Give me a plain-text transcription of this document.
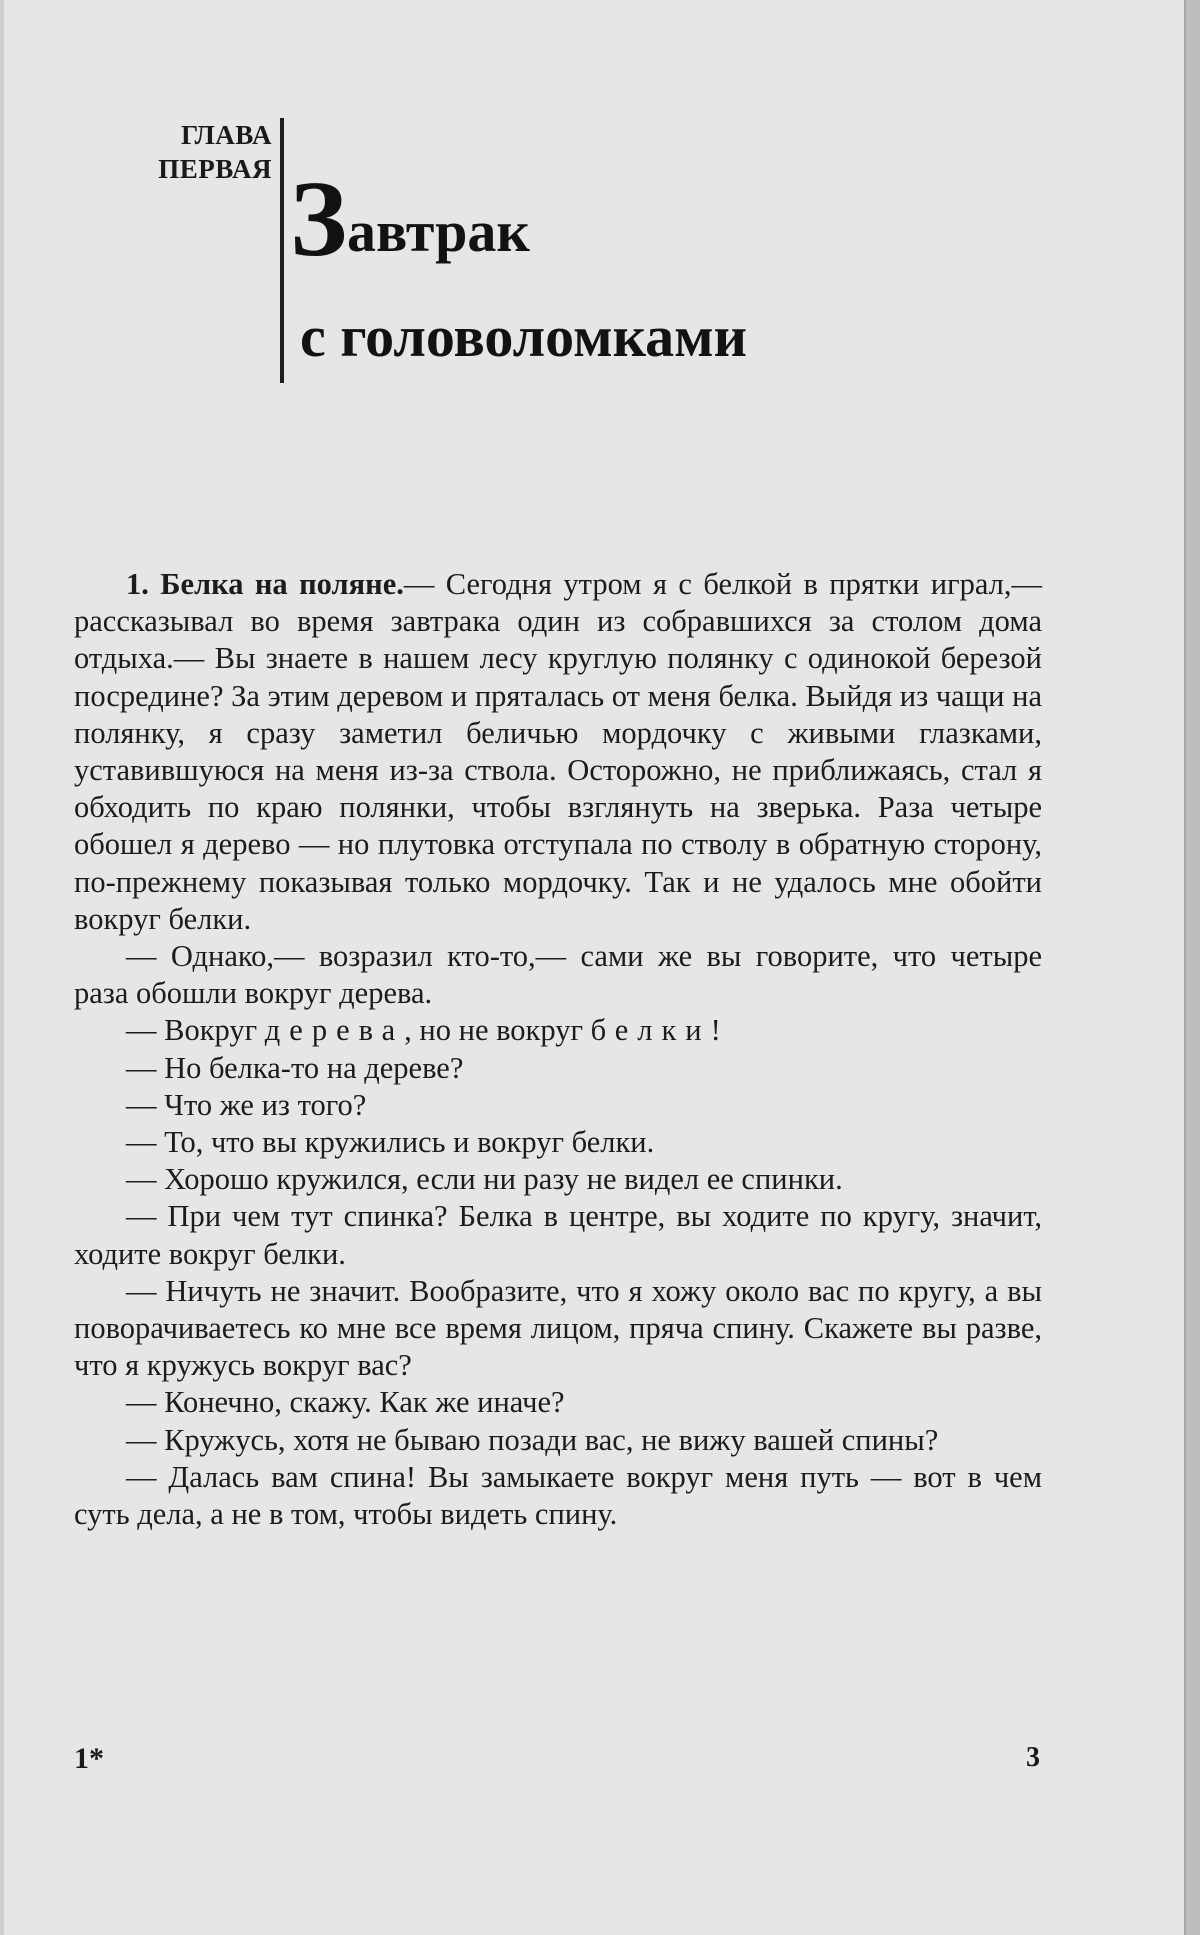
ГЛАВА
ПЕРВАЯ Завтрак
с головоломками

1. Белка на поляне.— Сегодня утром я с белкой в прятки играл,— рассказывал во время завтрака один из собравшихся за столом дома отдыха.— Вы знаете в нашем лесу круглую полянку с одинокой березой посредине? За этим деревом и пряталась от меня белка. Выйдя из чащи на полянку, я сразу заметил беличью мордочку с живыми глазками, уставившуюся на меня из-за ствола. Осторожно, не приближаясь, стал я обходить по краю полянки, чтобы взглянуть на зверька. Раза четыре обошел я дерево — но плутовка отступала по стволу в обратную сторону, по-прежнему показывая только мордочку. Так и не удалось мне обойти вокруг белки.

— Однако,— возразил кто-то,— сами же вы говорите, что четыре раза обошли вокруг дерева.

— Вокруг дерева, но не вокруг белки!

— Но белка-то на дереве?

— Что же из того?

— То, что вы кружились и вокруг белки.

— Хорошо кружился, если ни разу не видел ее спинки.

— При чем тут спинка? Белка в центре, вы ходите по кругу, значит, ходите вокруг белки.

— Ничуть не значит. Вообразите, что я хожу около вас по кругу, а вы поворачиваетесь ко мне все время лицом, пряча спину. Скажете вы разве, что я кружусь вокруг вас?

— Конечно, скажу. Как же иначе?

— Кружусь, хотя не бываю позади вас, не вижу вашей спины?

— Далась вам спина! Вы замыкаете вокруг меня путь — вот в чем суть дела, а не в том, чтобы видеть спину.

1*	3
